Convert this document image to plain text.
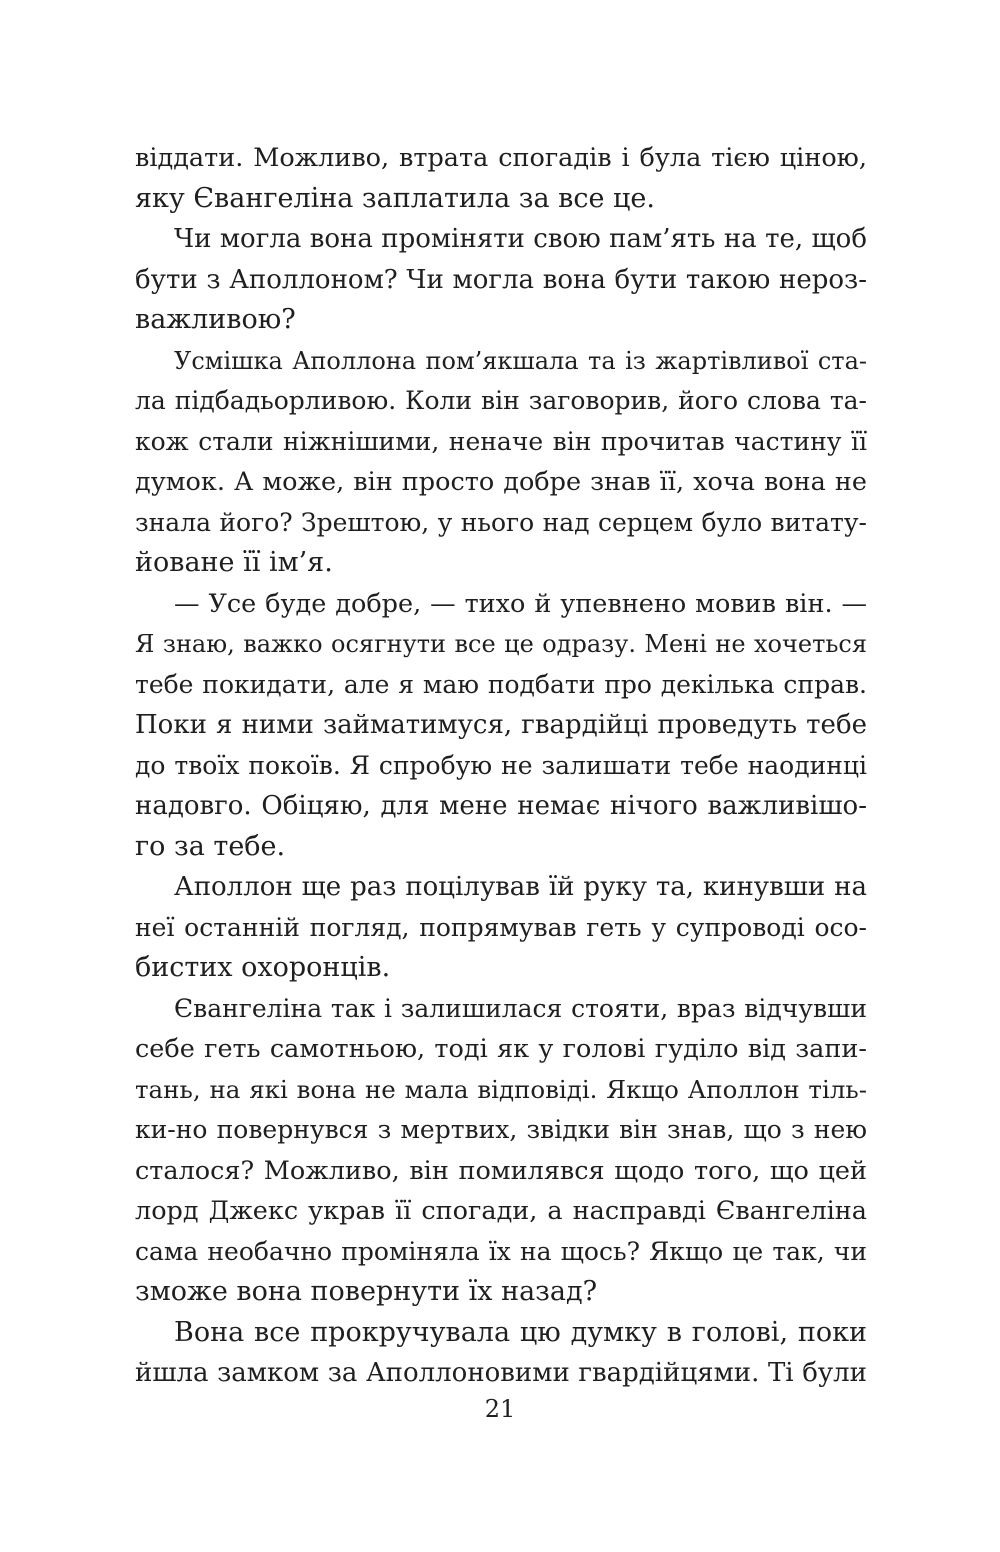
віддати. Можливо, втрата спогадів і була тією ціною,
яку Євангеліна заплатила за все це.
Чи могла вона проміняти свою пам’ять на те, щоб
бути з Аполлоном? Чи могла вона бути такою нероз-
важливою?
Усмішка Аполлона пом’якшала та із жартівливої ста-
ла підбадьорливою. Коли він заговорив, його слова та-
кож стали ніжнішими, неначе він прочитав частину її
думок. А може, він просто добре знав її, хоча вона не
знала його? Зрештою, у нього над серцем було витату-
йоване її ім’я.
— Усе буде добре, — тихо й упевнено мовив він. —
Я знаю, важко осягнути все це одразу. Мені не хочеться
тебе покидати, але я маю подбати про декілька справ.
Поки я ними займатимуся, гвардійці проведуть тебе
до твоїх покоїв. Я спробую не залишати тебе наодинці
надовго. Обіцяю, для мене немає нічого важливішо-
го за тебе.
Аполлон ще раз поцілував їй руку та, кинувши на
неї останній погляд, попрямував геть у супроводі осо-
бистих охоронців.
Євангеліна так і залишилася стояти, враз відчувши
себе геть самотньою, тоді як у голові гуділо від запи-
тань, на які вона не мала відповіді. Якщо Аполлон тіль-
ки-но повернувся з мертвих, звідки він знав, що з нею
сталося? Можливо, він помилявся щодо того, що цей
лорд Джекс украв її спогади, а насправді Євангеліна
сама необачно проміняла їх на щось? Якщо це так, чи
зможе вона повернути їх назад?
Вона все прокручувала цю думку в голові, поки
йшла замком за Аполлоновими гвардійцями. Ті були
21
